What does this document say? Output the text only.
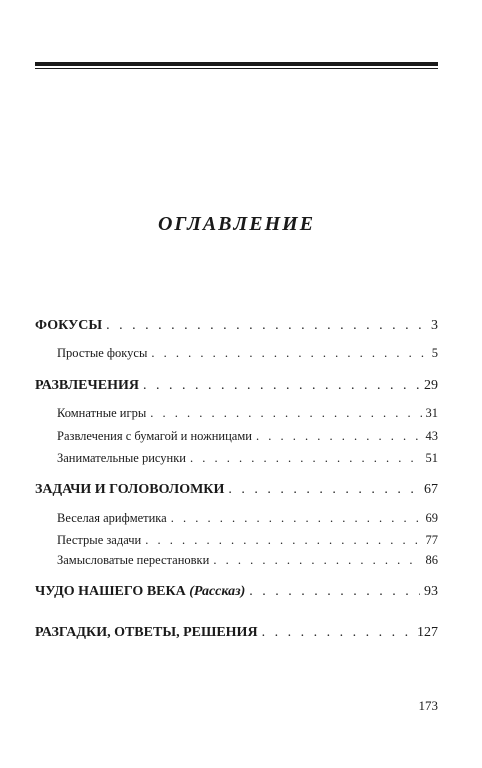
ОГЛАВЛЕНИЕ
ФОКУСЫ . . .	3
Простые фокусы . . .	5
РАЗВЛЕЧЕНИЯ . . .	29
Комнатные игры . . .	31
Развлечения с бумагой и ножницами . . .	43
Занимательные рисунки . . .	51
ЗАДАЧИ И ГОЛОВОЛОМКИ . . .	67
Веселая арифметика . . .	69
Пестрые задачи . . .	77
Замысловатые перестановки . . .	86
ЧУДО НАШЕГО ВЕКА (Рассказ) . . .	93
РАЗГАДКИ, ОТВЕТЫ, РЕШЕНИЯ . . .	127
173
